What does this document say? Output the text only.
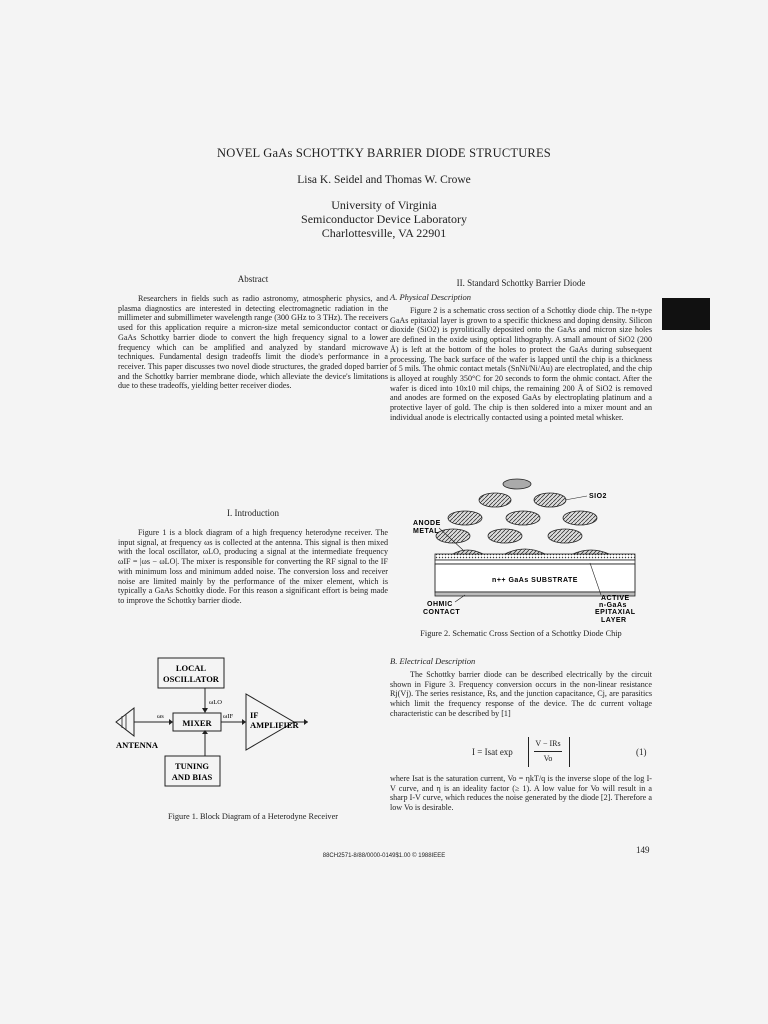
NOVEL GaAs SCHOTTKY BARRIER DIODE STRUCTURES
Lisa K. Seidel and Thomas W. Crowe
University of Virginia
Semiconductor Device Laboratory
Charlottesville, VA 22901
Abstract

Researchers in fields such as radio astronomy, atmospheric physics, and plasma diagnostics are interested in detecting electromagnetic radiation in the millimeter and submillimeter wavelength range (300 GHz to 3 THz). The receivers used for this application require a micron-size metal semiconductor contact or GaAs Schottky barrier diode to convert the high frequency signal to a lower frequency which can be amplified and analyzed by standard microwave techniques. Fundamental design tradeoffs limit the diode's performance in a receiver. This paper discusses two novel diode structures, the graded doped barrier and the Schottky barrier membrane diode, which alleviate the device's limitations due to these tradeoffs, yielding better receiver diodes.

I. Introduction

Figure 1 is a block diagram of a high frequency heterodyne receiver. The input signal, at frequency ωs is collected at the antenna. This signal is then mixed with the local oscillator, ωLO, producing a signal at the intermediate frequency ωIF = |ωs − ωLO|. The mixer is responsible for converting the RF signal to the IF with minimum loss and minimum added noise. The conversion loss and receiver noise are limited mainly by the performance of the mixer element, which is typically a GaAs Schottky diode. For this reason a significant effort is being made to improve the Schottky barrier diode.

LOCAL
OSCILLATOR
ωLO
MIXER
ωs
ANTENNA
ωIF IF
AMPLIFIER
TUNING
AND BIAS
Figure 1. Block Diagram of a Heterodyne Receiver
II. Standard Schottky Barrier Diode
A. Physical Description

Figure 2 is a schematic cross section of a Schottky diode chip. The n-type GaAs epitaxial layer is grown to a specific thickness and doping density. Silicon dioxide (SiO2) is pyrolitically deposited onto the GaAs and micron size holes are defined in the oxide using optical lithography. A small amount of SiO2 (200 Å) is left at the bottom of the holes to protect the GaAs during subsequent processing. The back surface of the wafer is lapped until the chip is a thickness of 5 mils. The ohmic contact metals (SnNi/Ni/Au) are electroplated, and the chip is alloyed at roughly 350°C for 20 seconds to form the ohmic contact. After the wafer is diced into 10x10 mil chips, the remaining 200 Å of SiO2 is removed and anodes are formed on the exposed GaAs by electroplating platinum and a protective layer of gold. The chip is then soldered into a mixer mount and an individual anode is electrically contacted using a pointed metal whisker.

SIO2
n++ GaAs SUBSTRATE
ANODE
METAL
OHMIC
CONTACT
ACTIVE
n-GaAs
EPITAXIAL
LAYER
Figure 2. Schematic Cross Section of a Schottky Diode Chip
B. Electrical Description

The Schottky barrier diode can be described electrically by the circuit shown in Figure 3. Frequency conversion occurs in the non-linear resistance Rj(Vj). The series resistance, Rs, and the junction capacitance, Cj, are parasitics which limit the frequency response of the device. The dc current voltage characteristic can be described by [1]

I = Isat exp
V − IRs
Vo
(1)

where Isat is the saturation current, Vo = ηkT/q is the inverse slope of the log I-V curve, and η is an ideality factor (≥ 1). A low value for Vo will result in a sharp I-V curve, which reduces the noise generated by the diode [2]. Therefore a low Vo is desirable.

149
88CH2571-8/88/0000-0149$1.00 © 1988IEEE
